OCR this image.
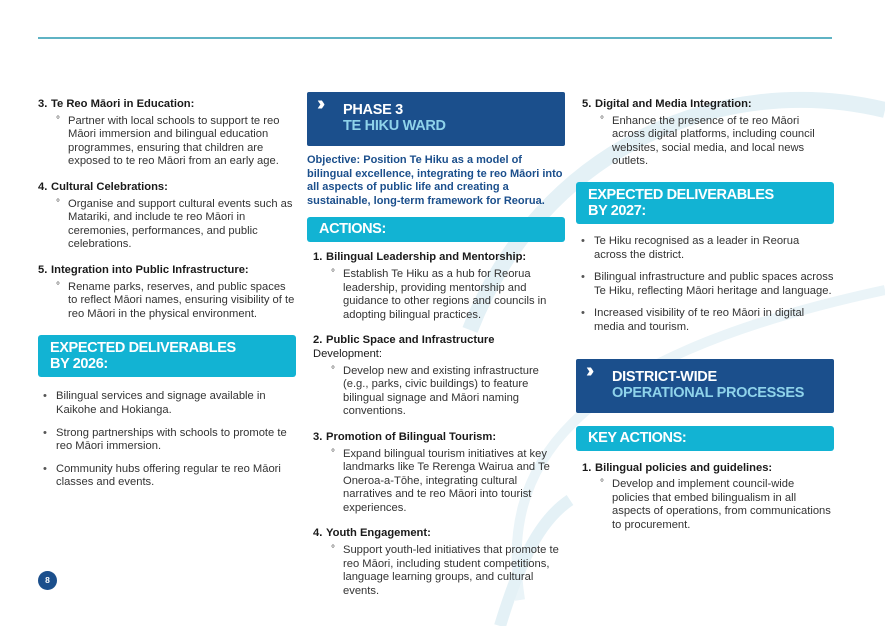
3. Te Reo Māori in Education:
° Partner with local schools to support te reo Māori immersion and bilingual education programmes, ensuring that children are exposed to te reo Māori from an early age.
4. Cultural Celebrations:
° Organise and support cultural events such as Matariki, and include te reo Māori in ceremonies, performances, and public celebrations.
5. Integration into Public Infrastructure:
° Rename parks, reserves, and public spaces to reflect Māori names, ensuring visibility of te reo Māori in the physical environment.
EXPECTED DELIVERABLES
BY 2026:
• Bilingual services and signage available in Kaikohe and Hokianga.
• Strong partnerships with schools to promote te reo Māori immersion.
• Community hubs offering regular te reo Māori classes and events.
››	PHASE 3
TE HIKU WARD
Objective: Position Te Hiku as a model of bilingual excellence, integrating te reo Māori into all aspects of public life and creating a sustainable, long-term framework for Reorua.
ACTIONS:
1. Bilingual Leadership and Mentorship:
° Establish Te Hiku as a hub for Reorua leadership, providing mentorship and guidance to other regions and councils in adopting bilingual practices.
2. Public Space and Infrastructure Development:
° Develop new and existing infrastructure (e.g., parks, civic buildings) to feature bilingual signage and Māori naming conventions.
3. Promotion of Bilingual Tourism:
° Expand bilingual tourism initiatives at key landmarks like Te Rerenga Wairua and Te Oneroa-a-Tōhe, integrating cultural narratives and te reo Māori into tourist experiences.
4. Youth Engagement:
° Support youth-led initiatives that promote te reo Māori, including student competitions, language learning groups, and cultural events.
5. Digital and Media Integration:
° Enhance the presence of te reo Māori across digital platforms, including council websites, social media, and local news outlets.
EXPECTED DELIVERABLES
BY 2027:
• Te Hiku recognised as a leader in Reorua across the district.
• Bilingual infrastructure and public spaces across Te Hiku, reflecting Māori heritage and language.
• Increased visibility of te reo Māori in digital media and tourism.
››	DISTRICT-WIDE
OPERATIONAL PROCESSES
KEY ACTIONS:
1. Bilingual policies and guidelines:
° Develop and implement council-wide policies that embed bilingualism in all aspects of operations, from communications to procurement.
8
